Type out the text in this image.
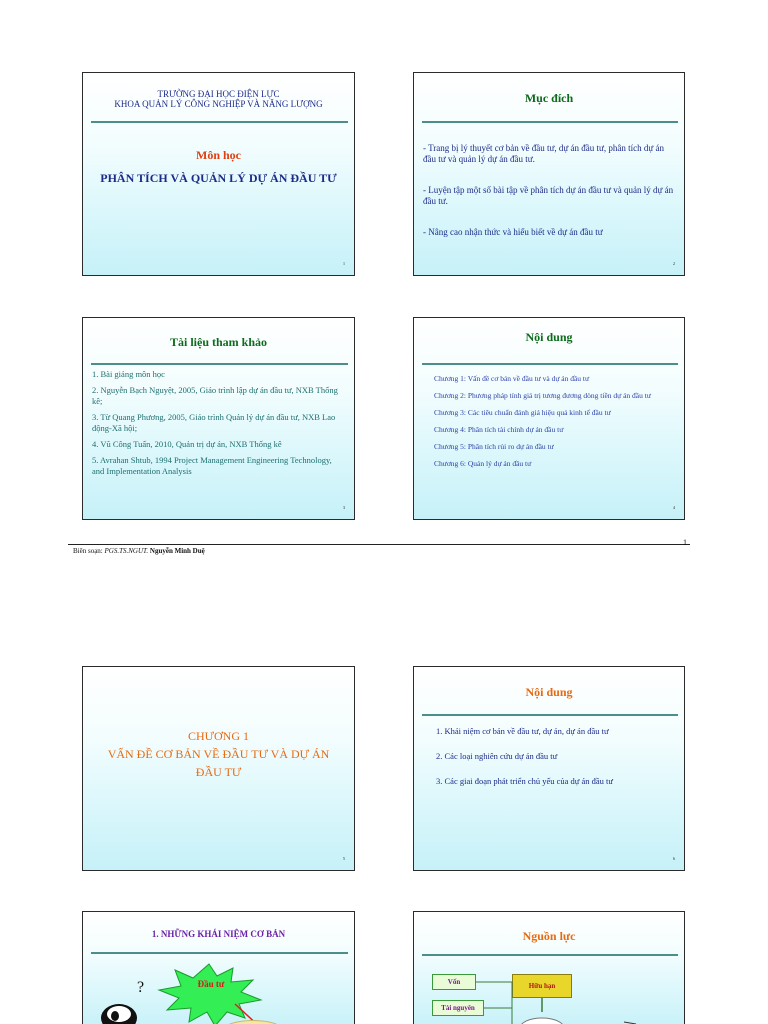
TRƯỜNG ĐẠI HỌC ĐIỆN LỰC
KHOA QUẢN LÝ CÔNG NGHIỆP VÀ NĂNG LƯỢNG
Môn học
PHÂN TÍCH VÀ QUẢN LÝ DỰ ÁN ĐẦU TƯ
1
Mục đích

- Trang bị lý thuyết cơ bản về đầu tư, dự án đầu tư, phân tích dự án đầu tư và quản lý dự án đầu tư.

- Luyện tập một số bài tập về phân tích dự án đầu tư và quản lý dự án đầu tư.

- Nâng cao nhận thức và hiểu biết về dự án đầu tư

2
Tài liệu tham khảo

1. Bài giảng môn học

2. Nguyễn Bạch Nguyệt, 2005, Giáo trình lập dự án đầu tư, NXB Thống kê;

3. Từ Quang Phương, 2005, Giáo trình Quản lý dự án đầu tư, NXB Lao động-Xã hội;

4. Vũ Công Tuấn, 2010, Quản trị dự án, NXB Thống kê

5. Avrahan Shtub, 1994 Project Management Engineering Technology, and Implementation Analysis

3
Nội dung

Chương 1: Vấn đề cơ bản về đầu tư và dự án đầu tư

Chương 2: Phương pháp tính giá trị tương đương dòng tiền dự án đầu tư

Chương 3: Các tiêu chuẩn đánh giá hiệu quả kinh tế đầu tư

Chương 4: Phân tích tài chính dự án đầu tư

Chương 5: Phân tích rủi ro dự án đầu tư

Chương 6: Quản lý dự án đầu tư

4
1
Biên soạn: PGS.TS.NGUT. Nguyễn Minh Duệ
CHƯƠNG 1
VẤN ĐỀ CƠ BẢN VỀ ĐẦU TƯ VÀ DỰ ÁN
ĐẦU TƯ
5
Nội dung

1. Khái niệm cơ bản về đầu tư, dự án, dự án đầu tư

2. Các loại nghiên cứu dự án đầu tư

3. Các giai đoạn phát triển chủ yếu của dự án đầu tư

6
1. NHỮNG KHÁI NIỆM CƠ BẢN
Đầu tư
?
Nguồn lực
Vốn
Tài nguyên
Hữu hạn
